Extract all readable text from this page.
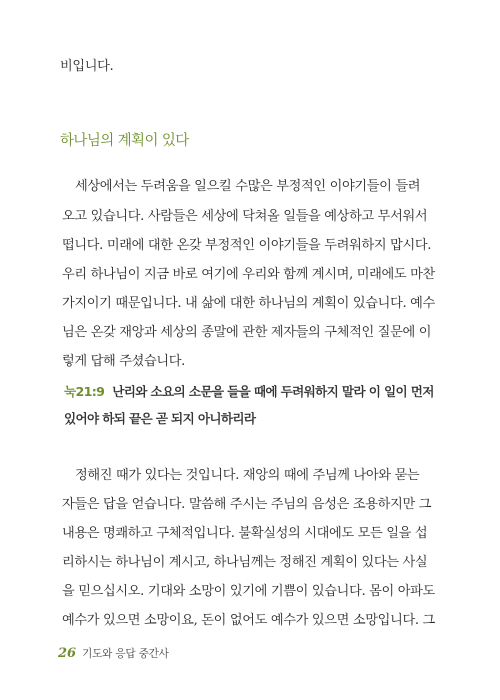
비입니다.
하나님의 계획이 있다
세상에서는 두려움을 일으킬 수많은 부정적인 이야기들이 들려
오고 있습니다. 사람들은 세상에 닥쳐올 일들을 예상하고 무서워서
떱니다. 미래에 대한 온갖 부정적인 이야기들을 두려워하지 맙시다.
우리 하나님이 지금 바로 여기에 우리와 함께 계시며, 미래에도 마찬
가지이기 때문입니다. 내 삶에 대한 하나님의 계획이 있습니다. 예수
님은 온갖 재앙과 세상의 종말에 관한 제자들의 구체적인 질문에 이
렇게 답해 주셨습니다.
눅21:9 난리와 소요의 소문을 들을 때에 두려워하지 말라 이 일이 먼저
있어야 하되 끝은 곧 되지 아니하리라
정해진 때가 있다는 것입니다. 재앙의 때에 주님께 나아와 묻는
자들은 답을 얻습니다. 말씀해 주시는 주님의 음성은 조용하지만 그
내용은 명쾌하고 구체적입니다. 불확실성의 시대에도 모든 일을 섭
리하시는 하나님이 계시고, 하나님께는 정해진 계획이 있다는 사실
을 믿으십시오. 기대와 소망이 있기에 기쁨이 있습니다. 몸이 아파도
예수가 있으면 소망이요, 돈이 없어도 예수가 있으면 소망입니다. 그
26 기도와 응답 중간사
